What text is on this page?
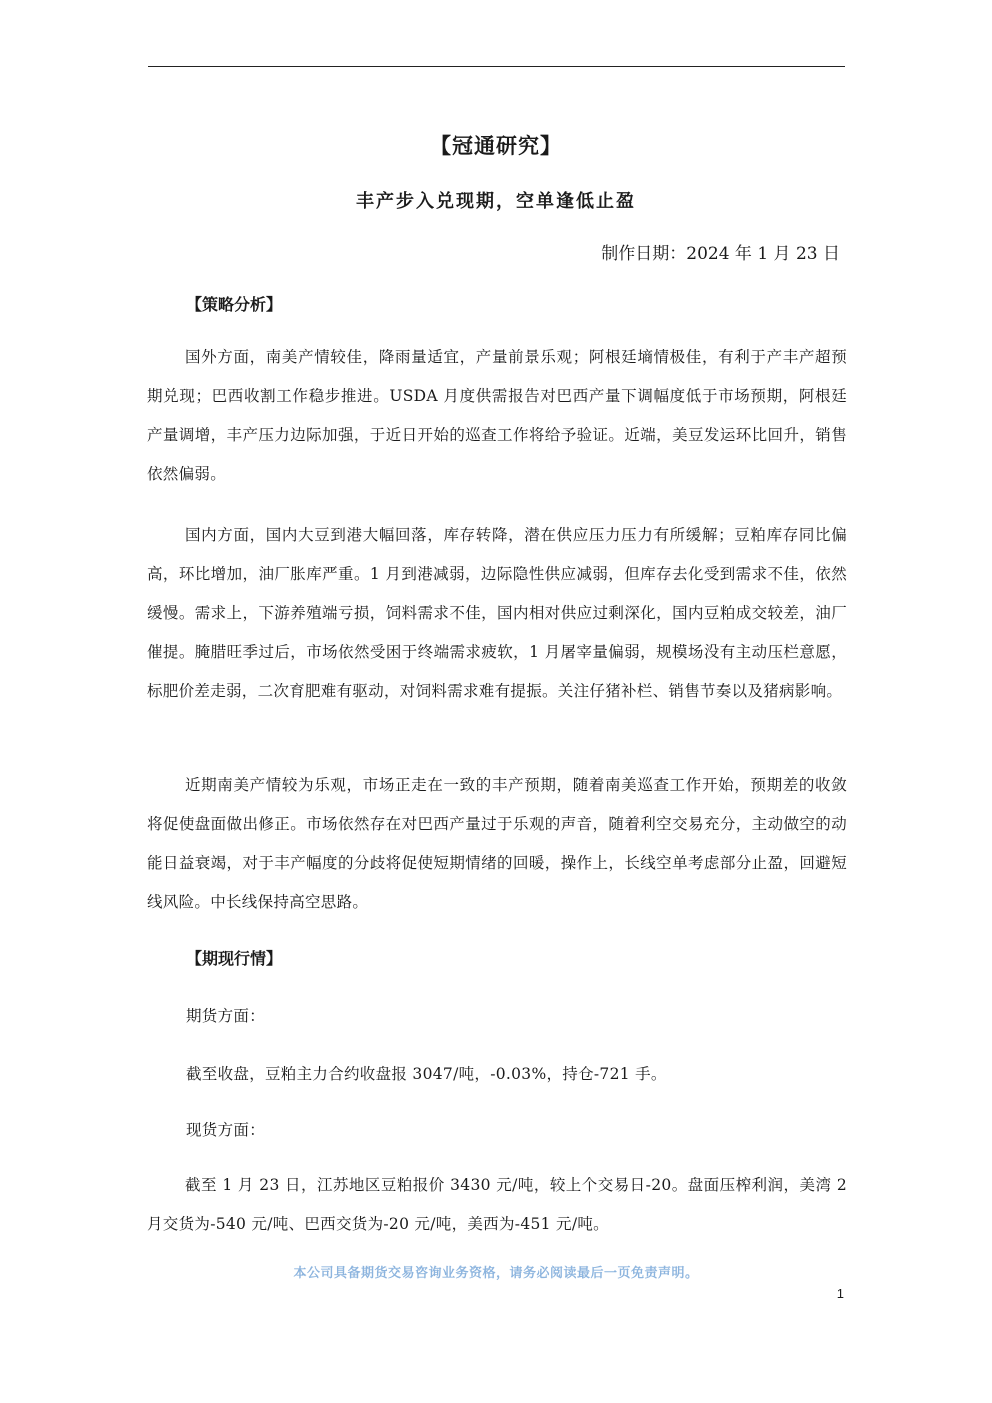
【冠通研究】
丰产步入兑现期，空单逢低止盈
制作日期：2024 年 1 月 23 日
【策略分析】
国外方面，南美产情较佳，降雨量适宜，产量前景乐观；阿根廷墒情极佳，有利于产丰产超预期兑现；巴西收割工作稳步推进。USDA 月度供需报告对巴西产量下调幅度低于市场预期，阿根廷产量调增，丰产压力边际加强，于近日开始的巡查工作将给予验证。近端，美豆发运环比回升，销售依然偏弱。
国内方面，国内大豆到港大幅回落，库存转降，潜在供应压力压力有所缓解；豆粕库存同比偏高，环比增加，油厂胀库严重。1 月到港减弱，边际隐性供应减弱，但库存去化受到需求不佳，依然缓慢。需求上，下游养殖端亏损，饲料需求不佳，国内相对供应过剩深化，国内豆粕成交较差，油厂催提。腌腊旺季过后，市场依然受困于终端需求疲软，1 月屠宰量偏弱，规模场没有主动压栏意愿，标肥价差走弱，二次育肥难有驱动，对饲料需求难有提振。关注仔猪补栏、销售节奏以及猪病影响。
近期南美产情较为乐观，市场正走在一致的丰产预期，随着南美巡查工作开始，预期差的收敛将促使盘面做出修正。市场依然存在对巴西产量过于乐观的声音，随着利空交易充分，主动做空的动能日益衰竭，对于丰产幅度的分歧将促使短期情绪的回暖，操作上，长线空单考虑部分止盈，回避短线风险。中长线保持高空思路。
【期现行情】
期货方面：
截至收盘，豆粕主力合约收盘报 3047/吨，-0.03%，持仓-721 手。
现货方面：
截至 1 月 23 日，江苏地区豆粕报价 3430 元/吨，较上个交易日-20。盘面压榨利润，美湾 2 月交货为-540 元/吨、巴西交货为-20 元/吨，美西为-451 元/吨。
本公司具备期货交易咨询业务资格，请务必阅读最后一页免责声明。
1
